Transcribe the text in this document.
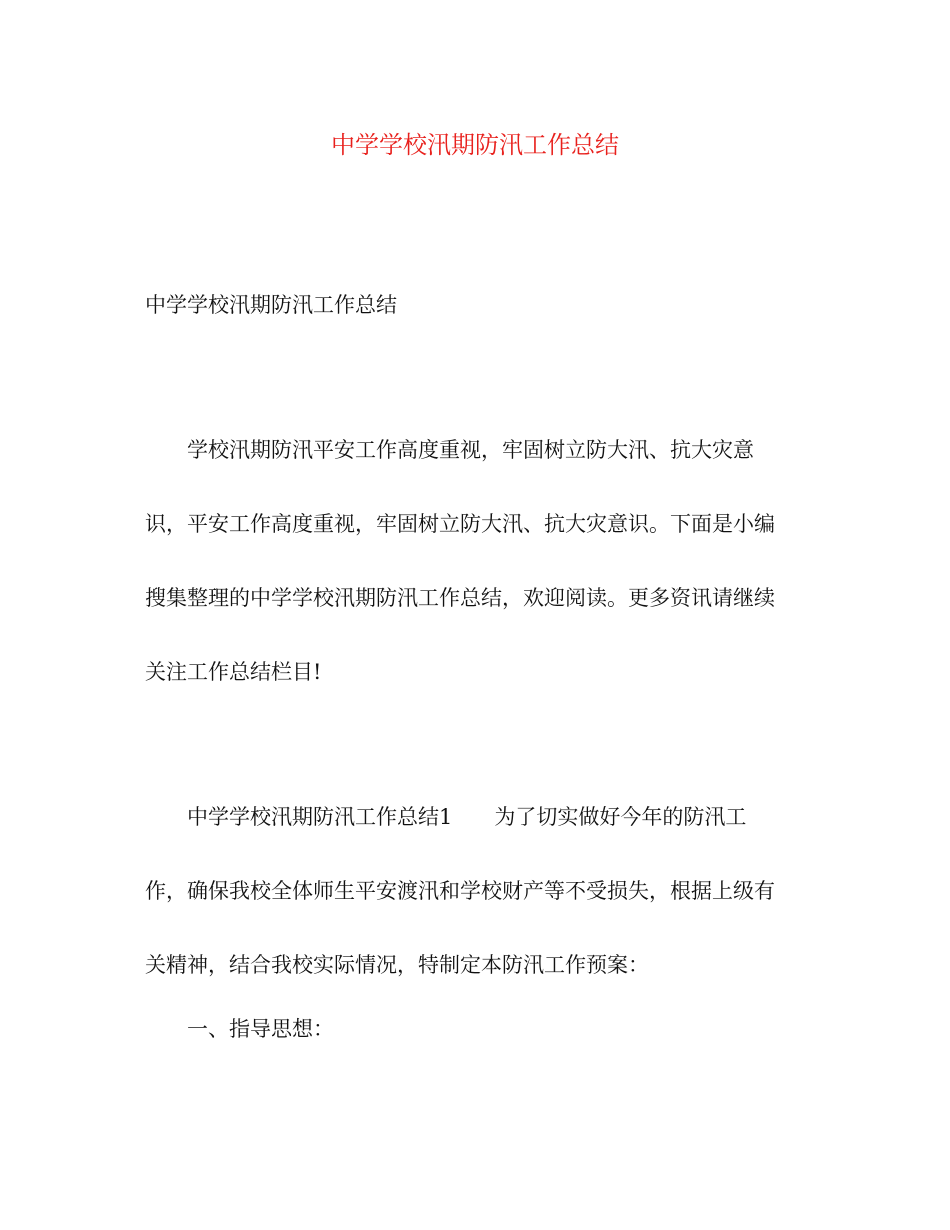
中学学校汛期防汛工作总结
中学学校汛期防汛工作总结
学校汛期防汛平安工作高度重视，牢固树立防大汛、抗大灾意
识，平安工作高度重视，牢固树立防大汛、抗大灾意识。下面是小编
搜集整理的中学学校汛期防汛工作总结，欢迎阅读。更多资讯请继续
关注工作总结栏目!
中学学校汛期防汛工作总结1 为了切实做好今年的防汛工
作，确保我校全体师生平安渡汛和学校财产等不受损失，根据上级有
关精神，结合我校实际情况，特制定本防汛工作预案：
一、指导思想：
